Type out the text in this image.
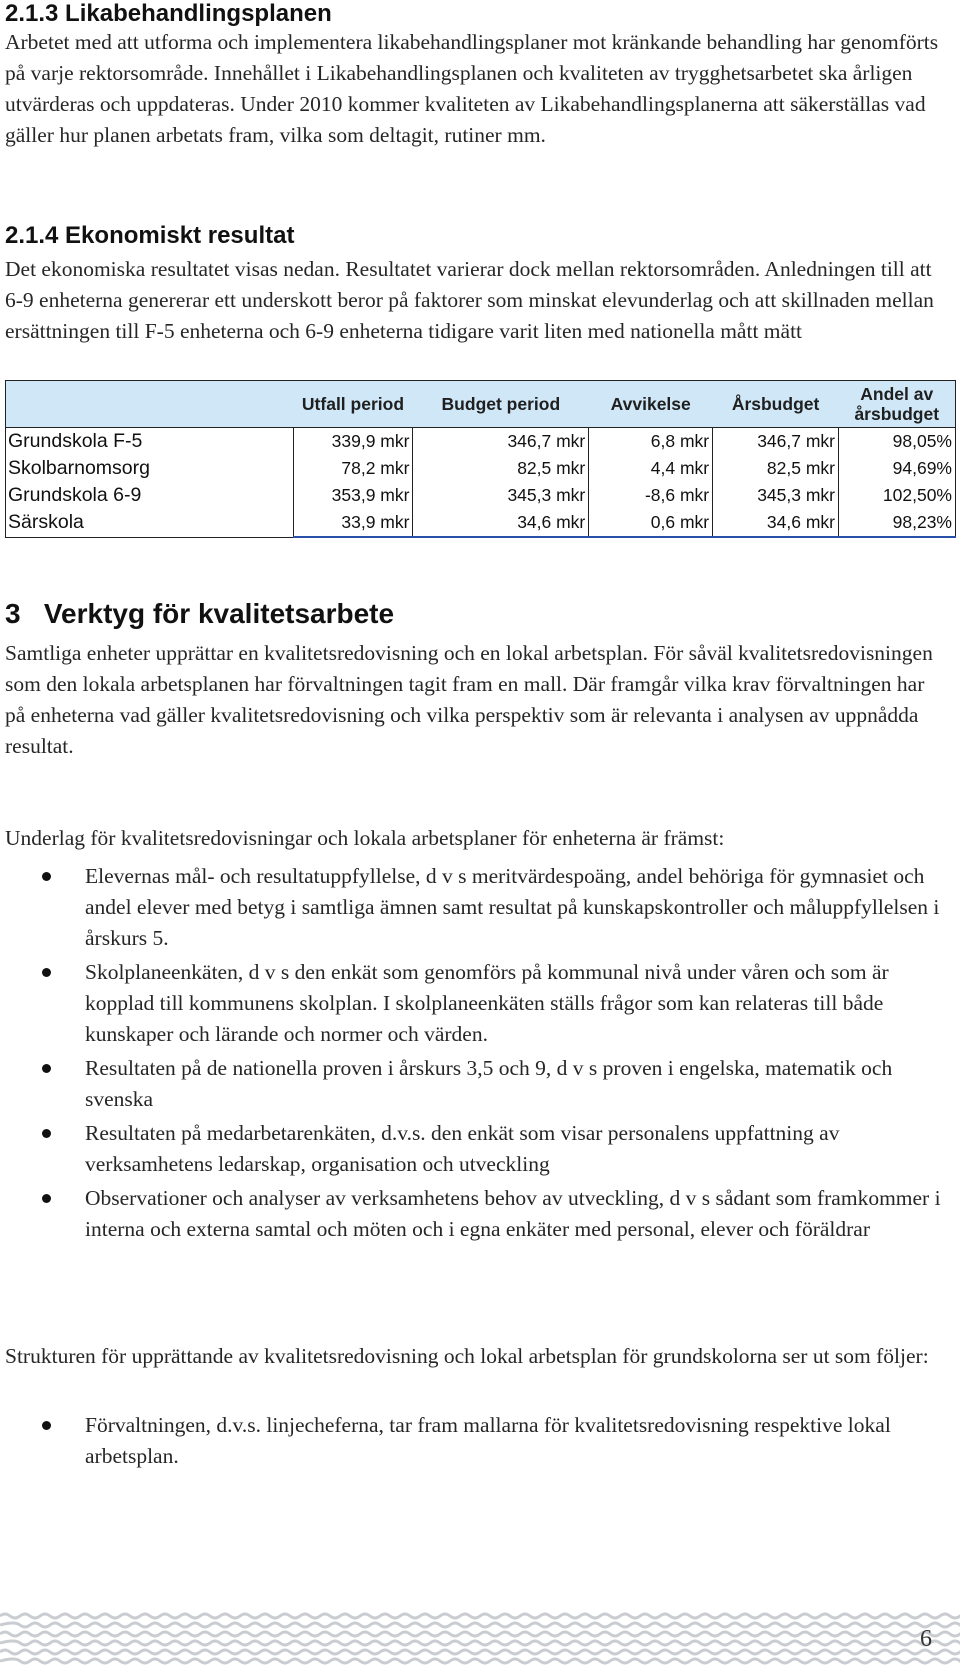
2.1.3 Likabehandlingsplanen

Arbetet med att utforma och implementera likabehandlingsplaner mot kränkande behandling har genomförts på varje rektorsområde. Innehållet i Likabehandlingsplanen och kvaliteten av trygghetsarbetet ska årligen utvärderas och uppdateras. Under 2010 kommer kvaliteten av Likabehandlingsplanerna att säkerställas vad gäller hur planen arbetats fram, vilka som deltagit, rutiner mm.

2.1.4 Ekonomiskt resultat

Det ekonomiska resultatet visas nedan. Resultatet varierar dock mellan rektorsområden. Anledningen till att 6-9 enheterna genererar ett underskott beror på faktorer som minskat elevunderlag och att skillnaden mellan ersättningen till F-5 enheterna och 6-9 enheterna tidigare varit liten med nationella mått mätt

	Utfall period	Budget period	Avvikelse	Årsbudget	Andel av årsbudget
Grundskola F-5	339,9 mkr	346,7 mkr	6,8 mkr	346,7 mkr	98,05%
Skolbarnomsorg	78,2 mkr	82,5 mkr	4,4 mkr	82,5 mkr	94,69%
Grundskola 6-9	353,9 mkr	345,3 mkr	-8,6 mkr	345,3 mkr	102,50%
Särskola	33,9 mkr	34,6 mkr	0,6 mkr	34,6 mkr	98,23%
3   Verktyg för kvalitetsarbete

Samtliga enheter upprättar en kvalitetsredovisning och en lokal arbetsplan. För såväl kvalitetsredovisningen som den lokala arbetsplanen har förvaltningen tagit fram en mall. Där framgår vilka krav förvaltningen har på enheterna vad gäller kvalitetsredovisning och vilka perspektiv som är relevanta i analysen av uppnådda resultat.

Underlag för kvalitetsredovisningar och lokala arbetsplaner för enheterna är främst:

Elevernas mål- och resultatuppfyllelse, d v s meritvärdespoäng, andel behöriga för gymnasiet och andel elever med betyg i samtliga ämnen samt resultat på kunskapskontroller och måluppfyllelsen i årskurs 5.
Skolplaneenkäten, d v s den enkät som genomförs på kommunal nivå under våren och som är kopplad till kommunens skolplan. I skolplaneenkäten ställs frågor som kan relateras till både kunskaper och lärande och normer och värden.
Resultaten på de nationella proven i årskurs 3,5 och 9, d v s proven i engelska, matematik och svenska
Resultaten på medarbetarenkäten, d.v.s. den enkät som visar personalens uppfattning av verksamhetens ledarskap, organisation och utveckling
Observationer och analyser av verksamhetens behov av utveckling, d v s sådant som framkommer i interna och externa samtal och möten och i egna enkäter med personal, elever och föräldrar

Strukturen för upprättande av kvalitetsredovisning och lokal arbetsplan för grundskolorna ser ut som följer:

Förvaltningen, d.v.s. linjecheferna, tar fram mallarna för kvalitetsredovisning respektive lokal arbetsplan.
6
